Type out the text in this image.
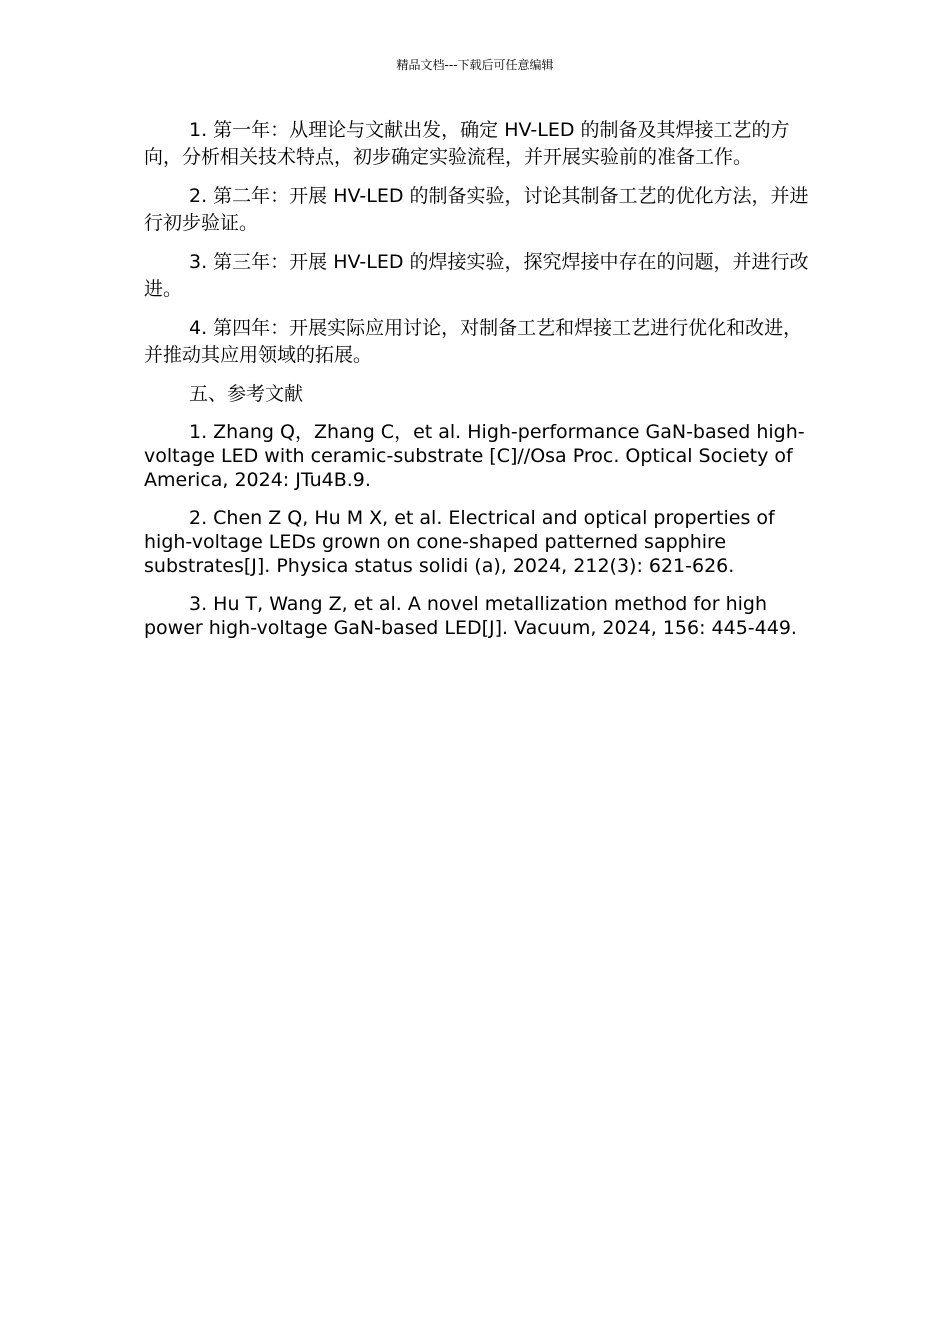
精品文档---下载后可任意编辑

1. 第一年：从理论与文献出发，确定 HV-LED 的制备及其焊接工艺的方向，分析相关技术特点，初步确定实验流程，并开展实验前的准备工作。

2. 第二年：开展 HV-LED 的制备实验，讨论其制备工艺的优化方法，并进行初步验证。

3. 第三年：开展 HV-LED 的焊接实验，探究焊接中存在的问题，并进行改进。

4. 第四年：开展实际应用讨论，对制备工艺和焊接工艺进行优化和改进，并推动其应用领域的拓展。

五、参考文献

1. Zhang Q，Zhang C，et al. High-performance GaN-based high-voltage LED with ceramic-substrate [C]//Osa Proc. Optical Society of America, 2024: JTu4B.9.

2. Chen Z Q, Hu M X, et al. Electrical and optical properties of high-voltage LEDs grown on cone-shaped patterned sapphire substrates[J]. Physica status solidi (a), 2024, 212(3): 621-626.

3. Hu T, Wang Z, et al. A novel metallization method for high power high-voltage GaN-based LED[J]. Vacuum, 2024, 156: 445-449.
